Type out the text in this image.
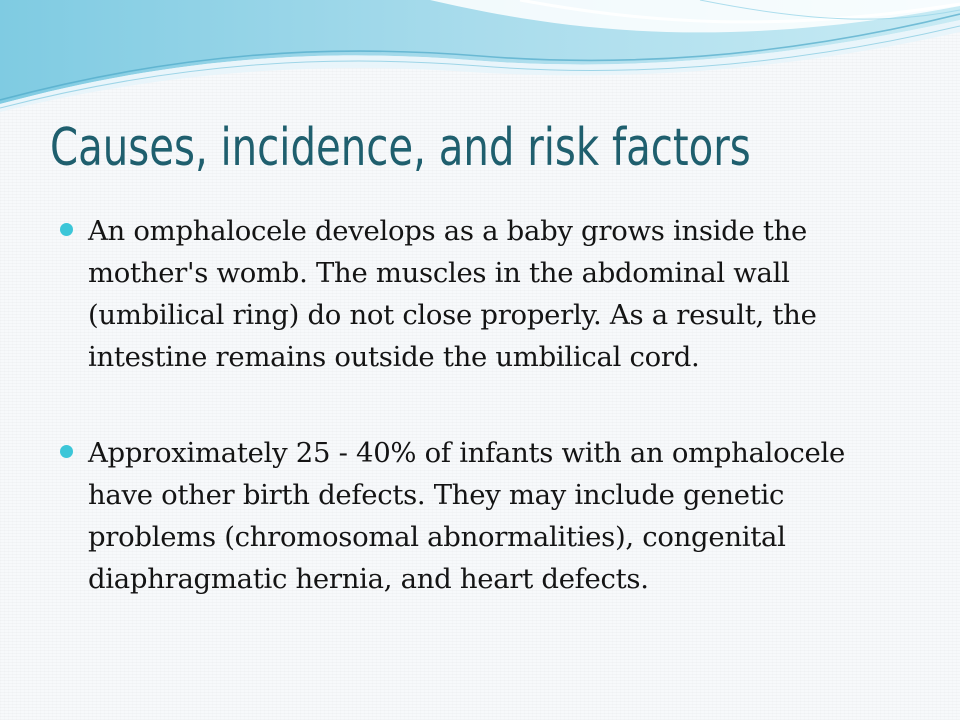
Causes, incidence, and risk factors
An omphalocele develops as a baby grows inside the mother's womb. The muscles in the abdominal wall (umbilical ring) do not close properly. As a result, the intestine remains outside the umbilical cord.
Approximately 25 - 40% of infants with an omphalocele have other birth defects. They may include genetic problems (chromosomal abnormalities), congenital diaphragmatic hernia, and heart defects.
